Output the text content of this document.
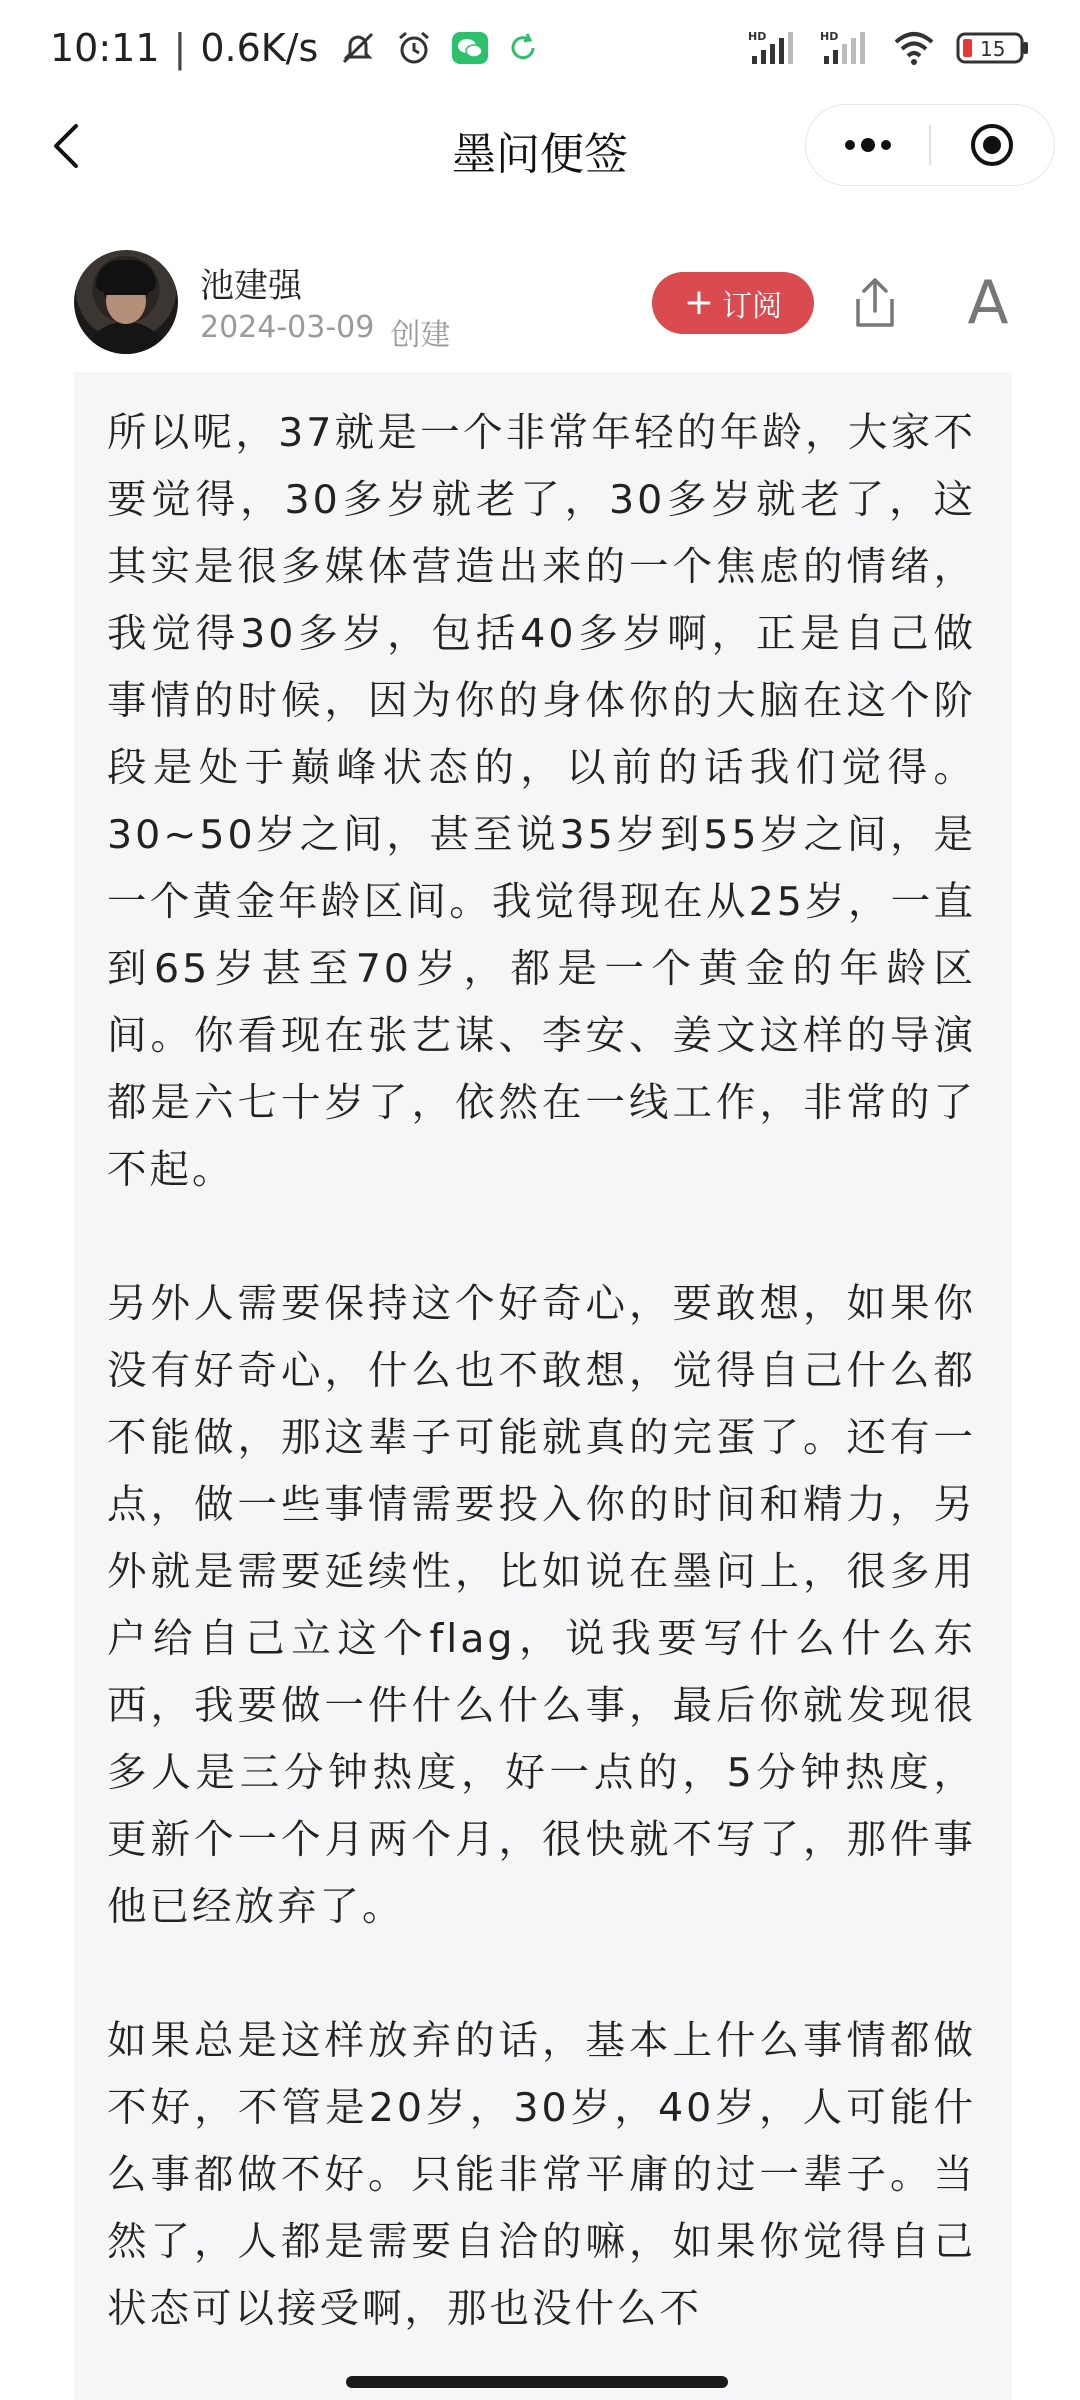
10:11 | 0.6K/s	HD	HD
15
墨问便签
池建强
2024-03-09 创建
+ 订阅	A

所以呢，37就是一个非常年轻的年龄，大家不要觉得，30多岁就老了，30多岁就老了，这其实是很多媒体营造出来的一个焦虑的情绪，我觉得30多岁，包括40多岁啊，正是自己做事情的时候，因为你的身体你的大脑在这个阶段是处于巅峰状态的，以前的话我们觉得。30~50岁之间，甚至说35岁到55岁之间，是一个黄金年龄区间。我觉得现在从25岁，一直到65岁甚至70岁，都是一个黄金的年龄区间。你看现在张艺谋、李安、姜文这样的导演都是六七十岁了，依然在一线工作，非常的了不起。

另外人需要保持这个好奇心，要敢想，如果你没有好奇心，什么也不敢想，觉得自己什么都不能做，那这辈子可能就真的完蛋了。还有一点，做一些事情需要投入你的时间和精力，另外就是需要延续性，比如说在墨问上，很多用户给自己立这个flag，说我要写什么什么东西，我要做一件什么什么事，最后你就发现很多人是三分钟热度，好一点的，5分钟热度，更新个一个月两个月，很快就不写了，那件事他已经放弃了。

如果总是这样放弃的话，基本上什么事情都做不好，不管是20岁，30岁，40岁，人可能什么事都做不好。只能非常平庸的过一辈子。当然了，人都是需要自洽的嘛，如果你觉得自己状态可以接受啊，那也没什么不
